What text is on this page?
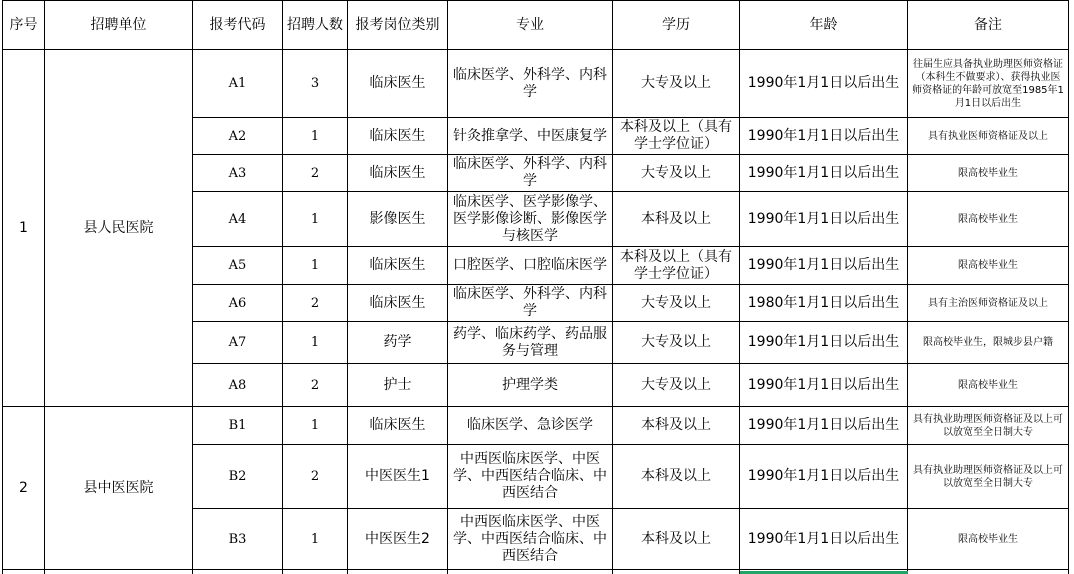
序号	招聘单位	报考代码	招聘人数	报考岗位类别	专业	学历	年龄	备注
1	县人民医院	A1	3	临床医生	临床医学、外科学、内科学	大专及以上	1990年1月1日以后出生	往届生应具备执业助理医师资格证（本科生不做要求）、获得执业医师资格证的年龄可放宽至1985年1月1日以后出生
		A2	1	临床医生	针灸推拿学、中医康复学	本科及以上（具有学士学位证）	1990年1月1日以后出生	具有执业医师资格证及以上
		A3	2	临床医生	临床医学、外科学、内科学	大专及以上	1990年1月1日以后出生	限高校毕业生
		A4	1	影像医生	临床医学、医学影像学、医学影像诊断、影像医学与核医学	本科及以上	1990年1月1日以后出生	限高校毕业生
		A5	1	临床医生	口腔医学、口腔临床医学	本科及以上（具有学士学位证）	1990年1月1日以后出生	限高校毕业生
		A6	2	临床医生	临床医学、外科学、内科学	大专及以上	1980年1月1日以后出生	具有主治医师资格证及以上
		A7	1	药学	药学、临床药学、药品服务与管理	大专及以上	1990年1月1日以后出生	限高校毕业生，限城步县户籍
		A8	2	护士	护理学类	大专及以上	1990年1月1日以后出生	限高校毕业生
2	县中医医院	B1	1	临床医生	临床医学、急诊医学	本科及以上	1990年1月1日以后出生	具有执业助理医师资格证及以上可以放宽至全日制大专
		B2	2	中医医生1	中西医临床医学、中医学、中西医结合临床、中西医结合	本科及以上	1990年1月1日以后出生	具有执业助理医师资格证及以上可以放宽至全日制大专
		B3	1	中医医生2	中西医临床医学、中医学、中西医结合临床、中西医结合	本科及以上	1990年1月1日以后出生	限高校毕业生
